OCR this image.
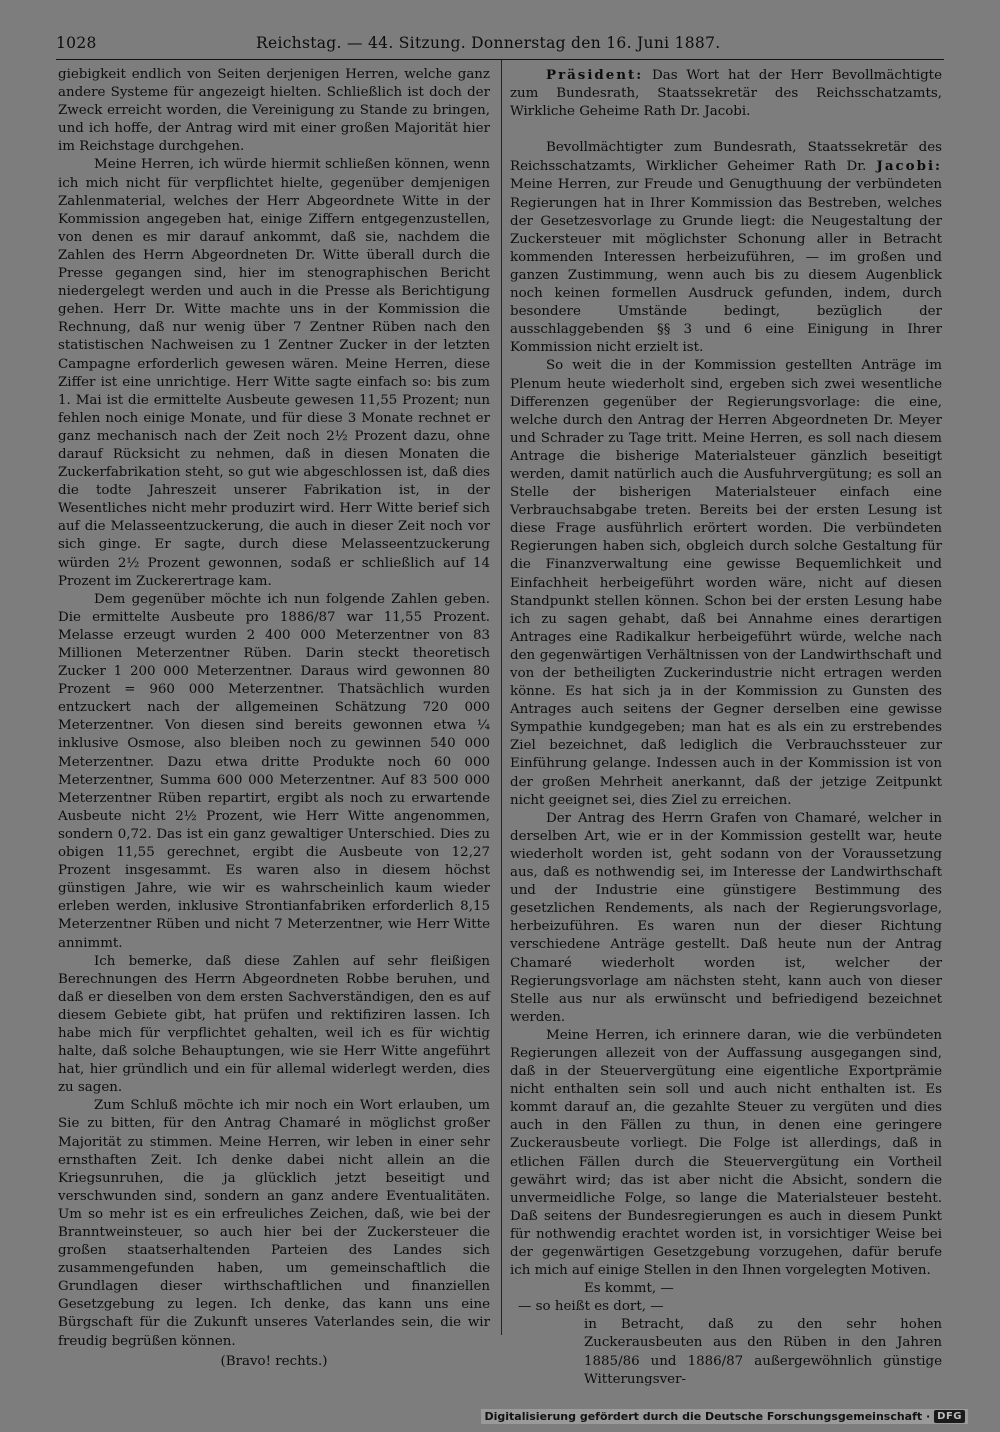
1028	Reichstag. — 44. Sitzung. Donnerstag den 16. Juni 1887.

giebigkeit endlich von Seiten derjenigen Herren, welche ganz andere Systeme für angezeigt hielten. Schließlich ist doch der Zweck erreicht worden, die Vereinigung zu Stande zu bringen, und ich hoffe, der Antrag wird mit einer großen Majorität hier im Reichstage durchgehen.

Meine Herren, ich würde hiermit schließen können, wenn ich mich nicht für verpflichtet hielte, gegenüber demjenigen Zahlenmaterial, welches der Herr Abgeordnete Witte in der Kommission angegeben hat, einige Ziffern entgegenzustellen, von denen es mir darauf ankommt, daß sie, nachdem die Zahlen des Herrn Abgeordneten Dr. Witte überall durch die Presse gegangen sind, hier im stenographischen Bericht niedergelegt werden und auch in die Presse als Berichtigung gehen. Herr Dr. Witte machte uns in der Kommission die Rechnung, daß nur wenig über 7 Zentner Rüben nach den statistischen Nachweisen zu 1 Zentner Zucker in der letzten Campagne erforderlich gewesen wären. Meine Herren, diese Ziffer ist eine unrichtige. Herr Witte sagte einfach so: bis zum 1. Mai ist die ermittelte Ausbeute gewesen 11,55 Prozent; nun fehlen noch einige Monate, und für diese 3 Monate rechnet er ganz mechanisch nach der Zeit noch 2½ Prozent dazu, ohne darauf Rücksicht zu nehmen, daß in diesen Monaten die Zuckerfabrikation steht, so gut wie abgeschlossen ist, daß dies die todte Jahreszeit unserer Fabrikation ist, in der Wesentliches nicht mehr produzirt wird. Herr Witte berief sich auf die Melasseentzuckerung, die auch in dieser Zeit noch vor sich ginge. Er sagte, durch diese Melasseentzuckerung würden 2½ Prozent gewonnen, sodaß er schließlich auf 14 Prozent im Zuckerertrage kam.

Dem gegenüber möchte ich nun folgende Zahlen geben. Die ermittelte Ausbeute pro 1886/87 war 11,55 Prozent. Melasse erzeugt wurden 2 400 000 Meterzentner von 83 Millionen Meterzentner Rüben. Darin steckt theoretisch Zucker 1 200 000 Meterzentner. Daraus wird gewonnen 80 Prozent = 960 000 Meterzentner. Thatsächlich wurden entzuckert nach der allgemeinen Schätzung 720 000 Meterzentner. Von diesen sind bereits gewonnen etwa ¼ inklusive Osmose, also bleiben noch zu gewinnen 540 000 Meterzentner. Dazu etwa dritte Produkte noch 60 000 Meterzentner, Summa 600 000 Meterzentner. Auf 83 500 000 Meterzentner Rüben repartirt, ergibt als noch zu erwartende Ausbeute nicht 2½ Prozent, wie Herr Witte angenommen, sondern 0,72. Das ist ein ganz gewaltiger Unterschied. Dies zu obigen 11,55 gerechnet, ergibt die Ausbeute von 12,27 Prozent insgesammt. Es waren also in diesem höchst günstigen Jahre, wie wir es wahrscheinlich kaum wieder erleben werden, inklusive Strontianfabriken erforderlich 8,15 Meterzentner Rüben und nicht 7 Meterzentner, wie Herr Witte annimmt.

Ich bemerke, daß diese Zahlen auf sehr fleißigen Berechnungen des Herrn Abgeordneten Robbe beruhen, und daß er dieselben von dem ersten Sachverständigen, den es auf diesem Gebiete gibt, hat prüfen und rektifiziren lassen. Ich habe mich für verpflichtet gehalten, weil ich es für wichtig halte, daß solche Behauptungen, wie sie Herr Witte angeführt hat, hier gründlich und ein für allemal widerlegt werden, dies zu sagen.

Zum Schluß möchte ich mir noch ein Wort erlauben, um Sie zu bitten, für den Antrag Chamaré in möglichst großer Majorität zu stimmen. Meine Herren, wir leben in einer sehr ernsthaften Zeit. Ich denke dabei nicht allein an die Kriegsunruhen, die ja glücklich jetzt beseitigt und verschwunden sind, sondern an ganz andere Eventualitäten. Um so mehr ist es ein erfreuliches Zeichen, daß, wie bei der Branntweinsteuer, so auch hier bei der Zuckersteuer die großen staatserhaltenden Parteien des Landes sich zusammengefunden haben, um gemeinschaftlich die Grundlagen dieser wirthschaftlichen und finanziellen Gesetzgebung zu legen. Ich denke, das kann uns eine Bürgschaft für die Zukunft unseres Vaterlandes sein, die wir freudig begrüßen können.

(Bravo! rechts.)

Präsident: Das Wort hat der Herr Bevollmächtigte zum Bundesrath, Staatssekretär des Reichsschatzamts, Wirkliche Geheime Rath Dr. Jacobi.

Bevollmächtigter zum Bundesrath, Staatssekretär des Reichsschatzamts, Wirklicher Geheimer Rath Dr. Jacobi: Meine Herren, zur Freude und Genugthuung der verbündeten Regierungen hat in Ihrer Kommission das Bestreben, welches der Gesetzesvorlage zu Grunde liegt: die Neugestaltung der Zuckersteuer mit möglichster Schonung aller in Betracht kommenden Interessen herbeizuführen, — im großen und ganzen Zustimmung, wenn auch bis zu diesem Augenblick noch keinen formellen Ausdruck gefunden, indem, durch besondere Umstände bedingt, bezüglich der ausschlaggebenden §§ 3 und 6 eine Einigung in Ihrer Kommission nicht erzielt ist.

So weit die in der Kommission gestellten Anträge im Plenum heute wiederholt sind, ergeben sich zwei wesentliche Differenzen gegenüber der Regierungsvorlage: die eine, welche durch den Antrag der Herren Abgeordneten Dr. Meyer und Schrader zu Tage tritt. Meine Herren, es soll nach diesem Antrage die bisherige Materialsteuer gänzlich beseitigt werden, damit natürlich auch die Ausfuhrvergütung; es soll an Stelle der bisherigen Materialsteuer einfach eine Verbrauchsabgabe treten. Bereits bei der ersten Lesung ist diese Frage ausführlich erörtert worden. Die verbündeten Regierungen haben sich, obgleich durch solche Gestaltung für die Finanzverwaltung eine gewisse Bequemlichkeit und Einfachheit herbeigeführt worden wäre, nicht auf diesen Standpunkt stellen können. Schon bei der ersten Lesung habe ich zu sagen gehabt, daß bei Annahme eines derartigen Antrages eine Radikalkur herbeigeführt würde, welche nach den gegenwärtigen Verhältnissen von der Landwirthschaft und von der betheiligten Zuckerindustrie nicht ertragen werden könne. Es hat sich ja in der Kommission zu Gunsten des Antrages auch seitens der Gegner derselben eine gewisse Sympathie kundgegeben; man hat es als ein zu erstrebendes Ziel bezeichnet, daß lediglich die Verbrauchssteuer zur Einführung gelange. Indessen auch in der Kommission ist von der großen Mehrheit anerkannt, daß der jetzige Zeitpunkt nicht geeignet sei, dies Ziel zu erreichen.

Der Antrag des Herrn Grafen von Chamaré, welcher in derselben Art, wie er in der Kommission gestellt war, heute wiederholt worden ist, geht sodann von der Voraussetzung aus, daß es nothwendig sei, im Interesse der Landwirthschaft und der Industrie eine günstigere Bestimmung des gesetzlichen Rendements, als nach der Regierungsvorlage, herbeizuführen. Es waren nun der dieser Richtung verschiedene Anträge gestellt. Daß heute nun der Antrag Chamaré wiederholt worden ist, welcher der Regierungsvorlage am nächsten steht, kann auch von dieser Stelle aus nur als erwünscht und befriedigend bezeichnet werden.

Meine Herren, ich erinnere daran, wie die verbündeten Regierungen allezeit von der Auffassung ausgegangen sind, daß in der Steuervergütung eine eigentliche Exportprämie nicht enthalten sein soll und auch nicht enthalten ist. Es kommt darauf an, die gezahlte Steuer zu vergüten und dies auch in den Fällen zu thun, in denen eine geringere Zuckerausbeute vorliegt. Die Folge ist allerdings, daß in etlichen Fällen durch die Steuervergütung ein Vortheil gewährt wird; das ist aber nicht die Absicht, sondern die unvermeidliche Folge, so lange die Materialsteuer besteht. Daß seitens der Bundesregierungen es auch in diesem Punkt für nothwendig erachtet worden ist, in vorsichtiger Weise bei der gegenwärtigen Gesetzgebung vorzugehen, dafür berufe ich mich auf einige Stellen in den Ihnen vorgelegten Motiven.

Es kommt, —

— so heißt es dort, —

in Betracht, daß zu den sehr hohen Zuckerausbeuten aus den Rüben in den Jahren 1885/86 und 1886/87 außergewöhnlich günstige Witterungsver-

Digitalisierung gefördert durch die Deutsche Forschungsgemeinschaft · DFG
